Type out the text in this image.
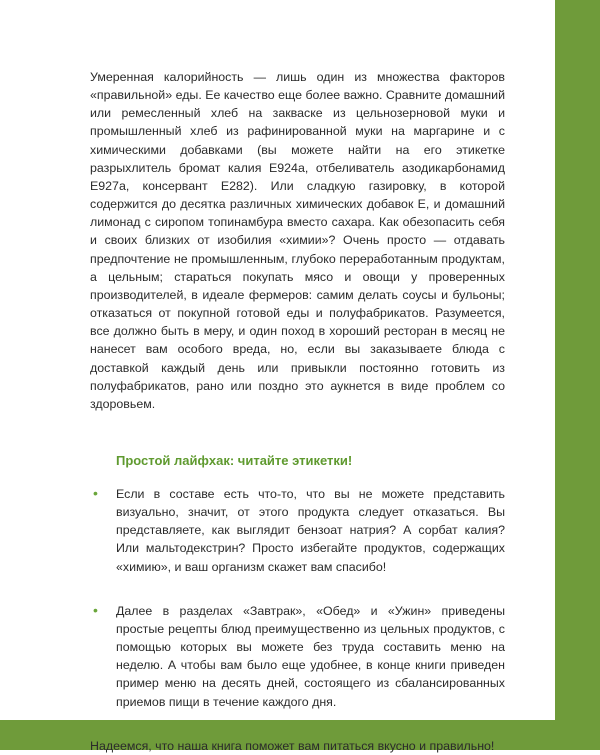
Умеренная калорийность — лишь один из множества факторов «правильной» еды. Ее качество еще более важно. Сравните домашний или ремесленный хлеб на закваске из цельнозерновой муки и промышленный хлеб из рафинированной муки на маргарине и с химическими добавками (вы можете найти на его этикетке разрыхлитель бромат калия E924a, отбеливатель азодикарбонамид E927a, консервант E282). Или сладкую газировку, в которой содержится до десятка различных химических добавок E, и домашний лимонад с сиропом топинамбура вместо сахара. Как обезопасить себя и своих близких от изобилия «химии»? Очень просто — отдавать предпочтение не промышленным, глубоко переработанным продуктам, а цельным; стараться покупать мясо и овощи у проверенных производителей, в идеале фермеров: самим делать соусы и бульоны; отказаться от покупной готовой еды и полуфабрикатов. Разумеется, все должно быть в меру, и один поход в хороший ресторан в месяц не нанесет вам особого вреда, но, если вы заказываете блюда с доставкой каждый день или привыкли постоянно готовить из полуфабрикатов, рано или поздно это аукнется в виде проблем со здоровьем.

Простой лайфхак: читайте этикетки!
• Если в составе есть что-то, что вы не можете представить визуально, значит, от этого продукта следует отказаться. Вы представляете, как выглядит бензоат натрия? А сорбат калия? Или мальтодекстрин? Просто избегайте продуктов, содержащих «химию», и ваш организм скажет вам спасибо!

• Далее в разделах «Завтрак», «Обед» и «Ужин» приведены простые рецепты блюд преимущественно из цельных продуктов, с помощью которых вы можете без труда составить меню на неделю. А чтобы вам было еще удобнее, в конце книги приведен пример меню на десять дней, состоящего из сбалансированных приемов пищи в течение каждого дня.

Надеемся, что наша книга поможет вам питаться вкусно и правильно!
